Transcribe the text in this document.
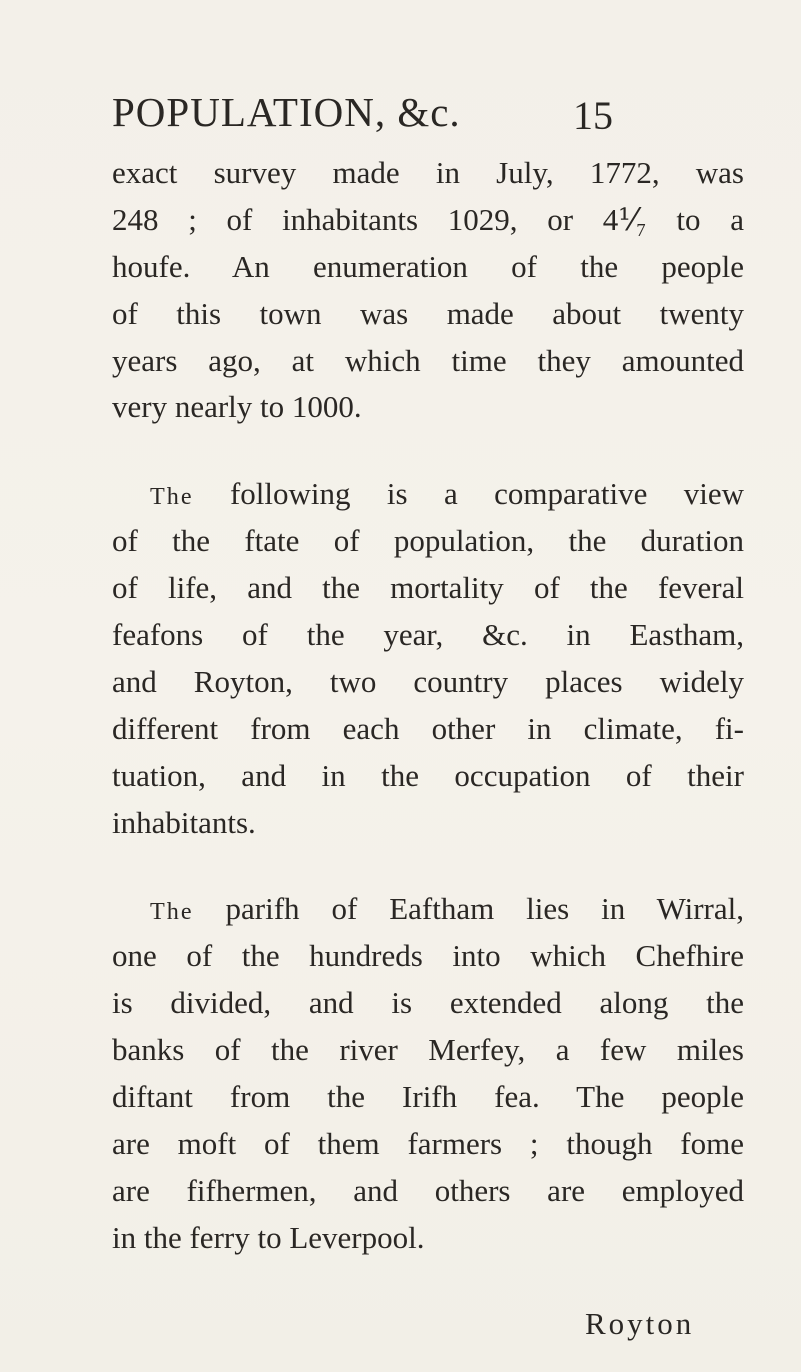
POPULATION, &c.	15
exact survey made in July, 1772, was
248 ; of inhabitants 1029, or 4⅟₇ to a
houfe. An enumeration of the people
of this town was made about twenty
years ago, at which time they amounted
very nearly to 1000.
The following is a comparative view
of the ftate of population, the duration
of life, and the mortality of the feveral
feafons of the year, &c. in Eastham,
and Royton, two country places widely
different from each other in climate, fi-
tuation, and in the occupation of their
inhabitants.
The parifh of Eaftham lies in Wirral,
one of the hundreds into which Chefhire
is divided, and is extended along the
banks of the river Merfey, a few miles
diftant from the Irifh fea. The people
are moft of them farmers ; though fome
are fifhermen, and others are employed
in the ferry to Leverpool.
Royton
